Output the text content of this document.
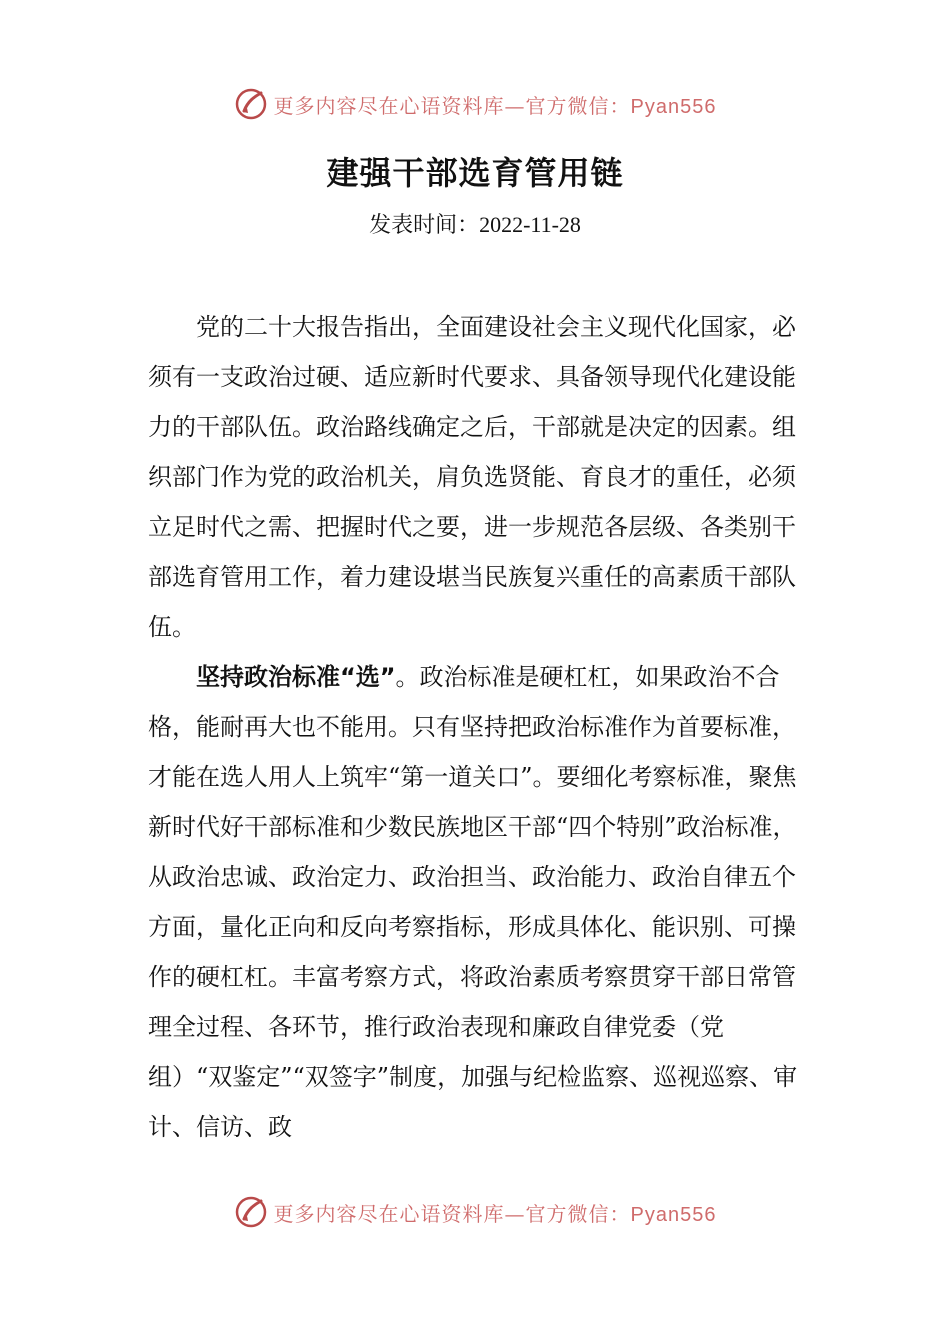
更多内容尽在心语资料库—官方微信：Pyan556
建强干部选育管用链
发表时间：2022-11-28

党的二十大报告指出，全面建设社会主义现代化国家，必须有一支政治过硬、适应新时代要求、具备领导现代化建设能力的干部队伍。政治路线确定之后，干部就是决定的因素。组织部门作为党的政治机关，肩负选贤能、育良才的重任，必须立足时代之需、把握时代之要，进一步规范各层级、各类别干部选育管用工作，着力建设堪当民族复兴重任的高素质干部队伍。

坚持政治标准“选”。政治标准是硬杠杠，如果政治不合格，能耐再大也不能用。只有坚持把政治标准作为首要标准，才能在选人用人上筑牢“第一道关口”。要细化考察标准，聚焦新时代好干部标准和少数民族地区干部“四个特别”政治标准，从政治忠诚、政治定力、政治担当、政治能力、政治自律五个方面，量化正向和反向考察指标，形成具体化、能识别、可操作的硬杠杠。丰富考察方式，将政治素质考察贯穿干部日常管理全过程、各环节，推行政治表现和廉政自律党委（党组）“双鉴定”“双签字”制度，加强与纪检监察、巡视巡察、审计、信访、政

更多内容尽在心语资料库—官方微信：Pyan556
